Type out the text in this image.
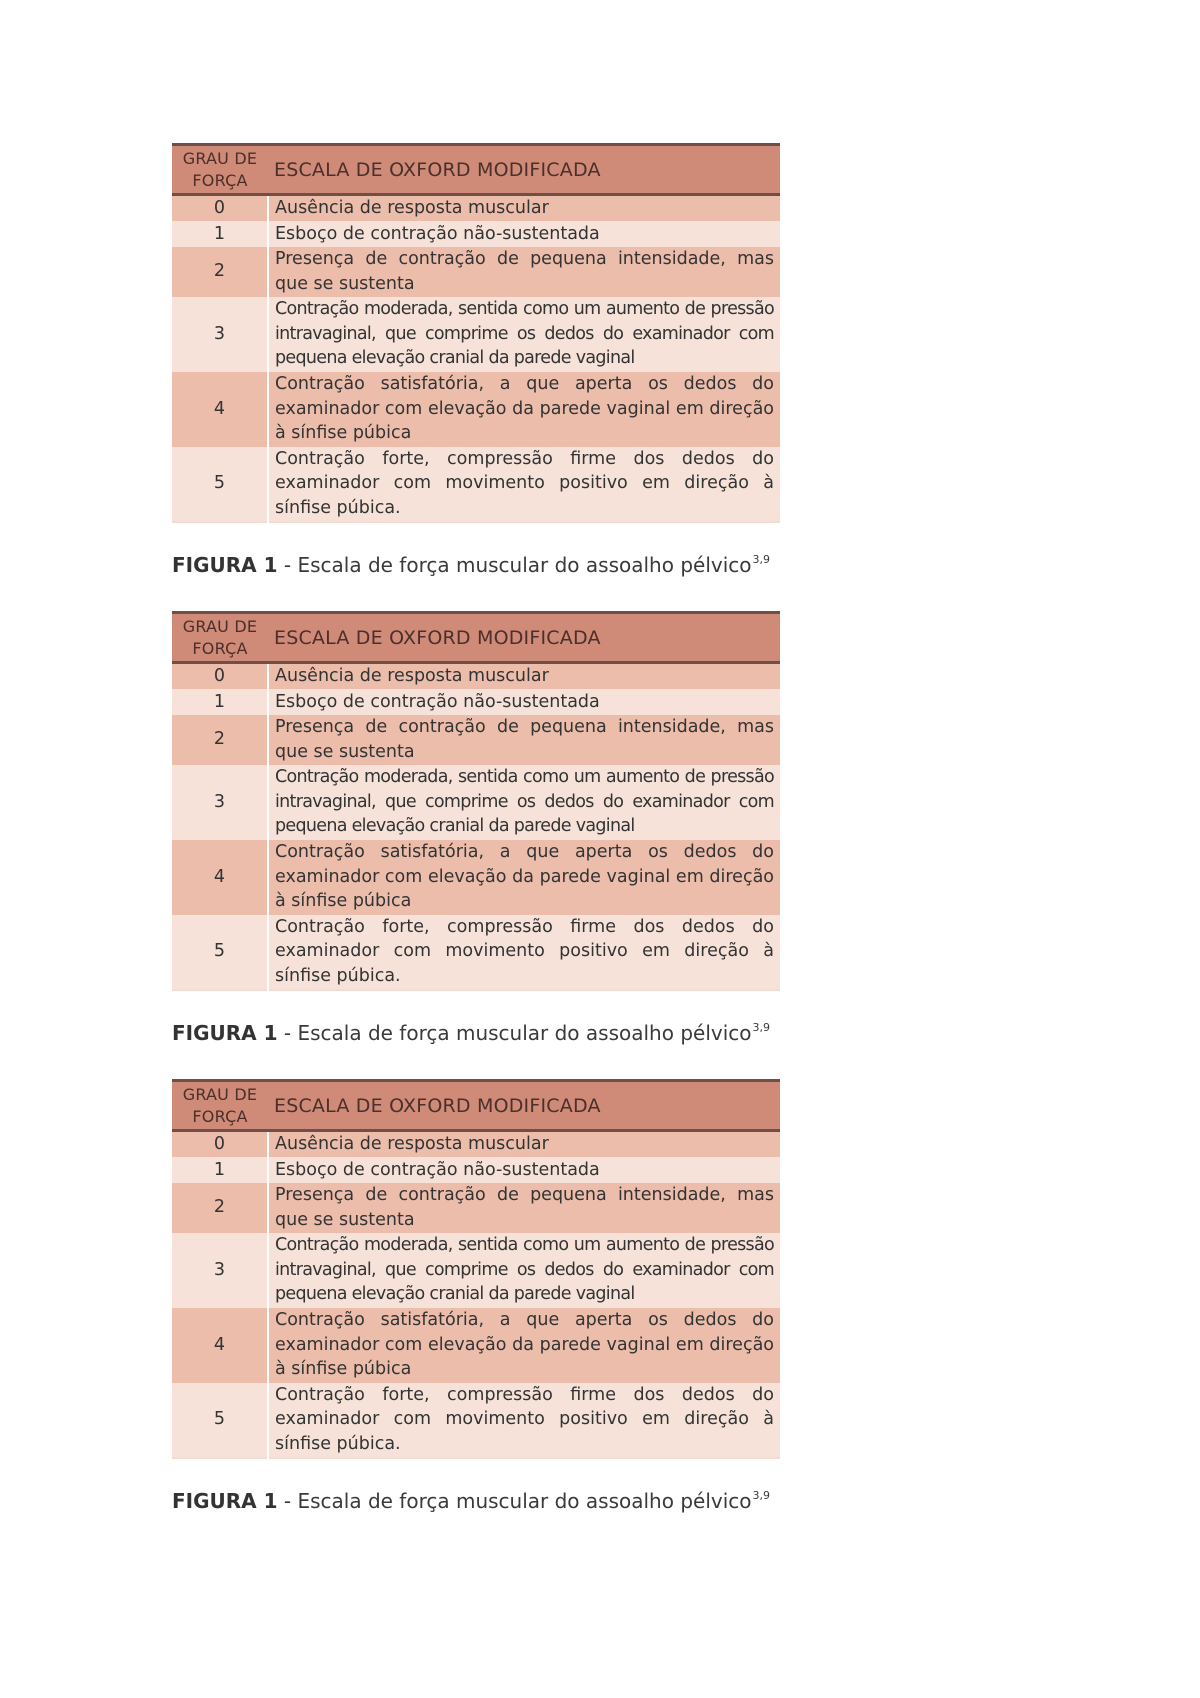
GRAU DE
FORÇA	ESCALA DE OXFORD MODIFICADA
0	Ausência de resposta muscular
1	Esboço de contração não-sustentada
2	Presença de contração de pequena intensidade, mas que se sustenta
3	Contração moderada, sentida como um aumento de pressão intravaginal, que comprime os dedos do examinador com pequena elevação cranial da parede vaginal
4	Contração satisfatória, a que aperta os dedos do examinador com elevação da parede vaginal em direção à sínfise púbica
5	Contração forte, compressão firme dos dedos do examinador com movimento positivo em direção à sínfise púbica.
FIGURA 1 - Escala de força muscular do assoalho pélvico$^{3,9}$
GRAU DE
FORÇA	ESCALA DE OXFORD MODIFICADA
0	Ausência de resposta muscular
1	Esboço de contração não-sustentada
2	Presença de contração de pequena intensidade, mas que se sustenta
3	Contração moderada, sentida como um aumento de pressão intravaginal, que comprime os dedos do examinador com pequena elevação cranial da parede vaginal
4	Contração satisfatória, a que aperta os dedos do examinador com elevação da parede vaginal em direção à sínfise púbica
5	Contração forte, compressão firme dos dedos do examinador com movimento positivo em direção à sínfise púbica.
FIGURA 1 - Escala de força muscular do assoalho pélvico$^{3,9}$
GRAU DE
FORÇA	ESCALA DE OXFORD MODIFICADA
0	Ausência de resposta muscular
1	Esboço de contração não-sustentada
2	Presença de contração de pequena intensidade, mas que se sustenta
3	Contração moderada, sentida como um aumento de pressão intravaginal, que comprime os dedos do examinador com pequena elevação cranial da parede vaginal
4	Contração satisfatória, a que aperta os dedos do examinador com elevação da parede vaginal em direção à sínfise púbica
5	Contração forte, compressão firme dos dedos do examinador com movimento positivo em direção à sínfise púbica.
FIGURA 1 - Escala de força muscular do assoalho pélvico$^{3,9}$
